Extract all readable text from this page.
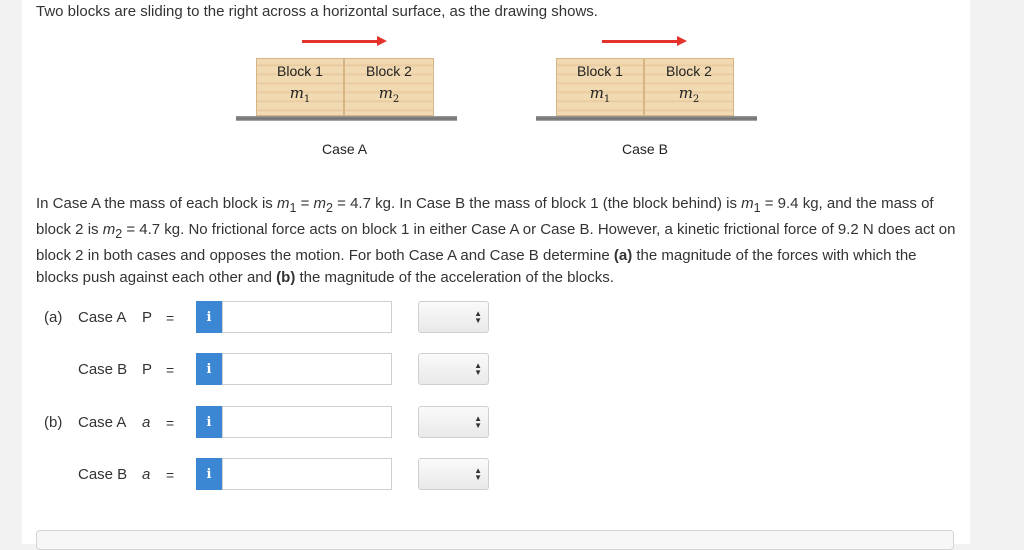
Two blocks are sliding to the right across a horizontal surface, as the drawing shows.
Block 1
$m_1$
Block 2
$m_2$
Case A
Block 1
$m_1$
Block 2
$m_2$
Case B
In Case A the mass of each block is $m_1 = m_2 = 4.7$ kg. In Case B the mass of block 1 (the block behind) is $m_1 = 9.4$ kg, and the mass of block 2 is $m_2 = 4.7$ kg. No frictional force acts on block 1 in either Case A or Case B. However, a kinetic frictional force of 9.2 N does act on block 2 in both cases and opposes the motion. For both Case A and Case B determine (a) the magnitude of the forces with which the blocks push against each other and (b) the magnitude of the acceleration of the blocks.
(a) Case A P =	i	▲
▼
Case B P =	i	▲
▼
(b) Case A a =	i	▲
▼
Case B a =	i	▲
▼
